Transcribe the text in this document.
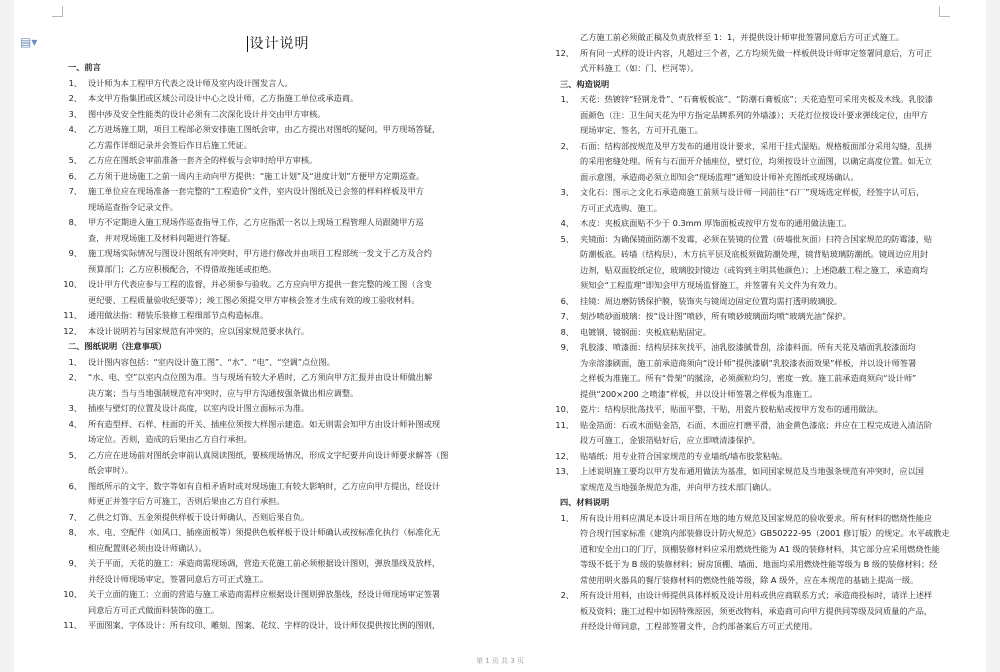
▤▾	设计说明
一、前言
1、 设计师为本工程甲方代表之设计师及室内设计图发言人。
2、 本文甲方指集团或区域公司设计中心之设计师，乙方指施工单位或承造商。
3、 图中涉及安全性能类的设计必须有二次深化设计并交由甲方审核。
4、 乙方进场施工期，项目工程部必须安排施工图纸会审，由乙方提出对图纸的疑问，甲方现场答疑，
乙方需作详细记录并会签后作日后施工凭证。
5、 乙方应在图纸会审前准备一套齐全的样板与会审时给甲方审核。
6、 乙方须于进场施工之前一周内主动向甲方提供：“施工计划”及“进度计划”方便甲方定期巡查。
7、 施工单位应在现场准备一套完整的“工程造价”文件，室内设计图纸及已会签的样料样板及甲方
现场巡查指令记录文件。
8、 甲方不定期进入施工现场作巡查指导工作，乙方应指派一名以上现场工程管理人员跟随甲方巡
查，并对现场施工及材料问题进行答疑。
9、 施工现场实际情况与图设计图纸有冲突时，甲方进行修改并由项目工程部统一发文于乙方及合约
预算部门；乙方应积极配合，不得借故拖延或拒绝。
10、 设计甲方代表应参与工程的监督，并必须参与验收。乙方应向甲方提供一套完整的竣工图（含变
更纪要、工程质量验收纪要等）；竣工图必须提交甲方审核会签才生成有效的竣工验收材料。
11、 通用做法指：精装乐装修工程细部节点构造标准。
12、 本设计说明若与国家规范有冲突的，应以国家规范要求执行。
二、图纸说明（注意事项）
1、 设计图内容包括：“室内设计施工图”、“水”、“电”、“空调”点位图。
2、 “水、电、空”以室内点位图为准。当与现场有较大矛盾时，乙方须向甲方汇报并由设计师做出解
决方案；当与当地强制规范有冲突时，应与甲方沟通按强条做出相应调整。
3、 插座与壁灯的位置及设计高度，以室内设计图立面标示为准。
4、 所有造型样、石样、柱面的开关、插座位须按大样图示建造。如无则需会知甲方由设计师补图或现
场定位。否则，造成的后果由乙方自行承担。
5、 乙方应在进场前对图纸会审前认真阅读图纸，要核现场情况，形成文字纪要并向设计师要求解答（图
纸会审时）。
6、 图纸所示的文字、数字等如有自相矛盾时或对现场施工有较大影响时，乙方应向甲方提出，经设计
师更正并签字后方可施工，否则后果由乙方自行承担。
7、 乙供之灯饰、五金须提供样板于设计师确认，否则后果自负。
8、 水、电、空配件（如风口、插座面板等）须提供色板样板于设计师确认或按标准化执行（标准化无
相应配置则必须由设计师确认）。
9、 关于平面，天花的施工：承造商需现场调，营造天花施工前必须根据设计图则，弹放墨线及放样，
并经设计师现场审定，签署同意后方可正式施工。
10、 关于立面的施工：立面的营造与施工承造商需样应根据设计图则弹放墨线，经设计师现场审定签署
同意后方可正式做面料装饰的施工。
11、 平面图案、字体设计：所有纹印、雕刻、图案、花纹、字样的设计，设计师仅提供按比例的图则，
乙方施工前必须做正稿及负责放样至 1：1，并提供设计师审批签署同意后方可正式施工。
12、 所有同一式样的设计内容，凡超过三个者，乙方均须先做一样板供设计师审定签署同意后，方可正
式开料施工（如：门、栏河等）。
三、构造说明
1、 天花：热镀锌“轻钢龙骨”、“石膏板板底”、“防潮石膏板底”；天花造型可采用夹板及木线。乳胶漆
面颜色（注：卫生间天花为甲方指定品牌系列的外墙漆）；天花灯位按设计要求弹线定位，由甲方
现场审定、签名，方可开孔施工。
2、 石面：结构部按规范及甲方发布的通用设计要求，采用干挂式湿贴。规格板面部分采用勾缝，乱拼
的采用密缝处理。所有与石面开介插座位，壁灯位，均须按设计立面图，以确定高度位置。如无立
面示意图，承造商必须立即知会“现场监理”通知设计师补充图纸或现场确认。
3、 文化石：图示之文化石承造商施工前须与设计师一同前往“石厂”现场选定样板，经签字认可后，
方可正式选购、施工。
4、 木皮：夹板底面贴不少于 0.3mm 厚饰面板或按甲方发布的通用做法施工。
5、 夹镜面：为确保镜面防潮不发霉，必须在装镜的位置（砖墙批灰面）扫符合国家规范的防霉漆，贴
防潮板底。砖墙（结构层），木方抗平层及底板须做防潮处理，镜背贴玻璃防潮纸。镜周边应用封
边剂，贴双面胶纸定位，玻璃胶封镜边（或钩到主明其他颜色）；上述隐蔽工程之施工，承造商均
须知会“工程监理”即知会甲方现场监督施工，并签署有关文件为有效力。
6、 挂镜：周边磨防锈保护膜，装饰夹与镜周边固定位置均需打透明玻璃胶。
7、 刻沙喷砂面玻璃：按“设计图”喷砂，所有喷砂玻璃面均喷“玻璃光油”保护。
8、 电镀钢、镜钢面：夹板底粘贴固定。
9、 乳胶漆、喷漆面：结构层抹灰找平，油乳胶漆腻骨刮，涂漆料面。所有天花及墙面乳胶漆面均
为亲溶漆刷面，施工前承造商须向“设计师”提供漆刷“乳胶漆表面效果”样板，并以设计师签署
之样板为准施工。所有“骨架”的腻涂，必须颜粒均匀，密度一致。施工前承造商须向“设计师”
提供“200×200 之喷漆”样板，并以设计师签署之样板为准施工。
10、 瓷片：结构层批荡找平，贴面平整，干贴，用瓷片胶粘贴或按甲方发布的通用做法。
11、 贴金箔面：石或木面贴金箔，石面、木面应打磨平滑，油金黄色漆底；并应在工程完成进入清洁阶
段方可施工，金银箔贴好后，应立即喷清漆保护。
12、 贴墙纸：用专业符合国家规范的专业墙纸/墙布胶浆粘帖。
13、 上述说明施工要均以甲方发布通用做法为基准，如同国家规范及当地强条规范有冲突时，应以国
家规范及当地强条规范为准，并向甲方技术部门确认。
四、材料说明
1、 所有设计用料应满足本设计项目所在地的地方规范及国家规范的验收要求。所有材料的燃烧性能应
符合现行国家标准《建筑内部装修设计防火规范》GB50222-95（2001 修订版）的规定。水平疏散走
道和安全出口的门厅，顶棚装修材料应采用燃烧性能为 A1 级的装修材料，其它部分应采用燃烧性能
等级不低于为 B 级的装修材料；厨房顶棚、墙面、地面均采用燃烧性能等级为 B 级的装修材料；经
常使用明火器具的餐厅装修材料的燃烧性能等级，除 A 级外，应在本规范的基础上提高一级。
2、 所有设计用料，由设计师提供具体样板及设计用料或供应商联系方式；承造商投标时，请详上述样
板及资料；施工过程中如因特殊原因，须更改物料，承造商可向甲方提供同等级及同质量的产品，
并经设计师同意，工程部签署文件，合约部备案后方可正式使用。
第 1 页 共 3 页
